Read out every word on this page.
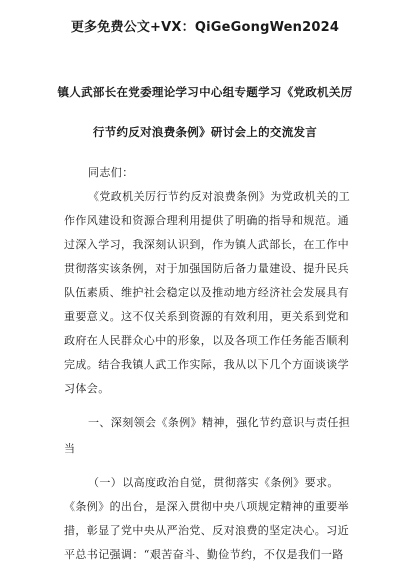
更多免费公文+VX：QiGeGongWen2024
镇人武部长在党委理论学习中心组专题学习《党政机关厉
行节约反对浪费条例》研讨会上的交流发言
同志们：
《党政机关厉行节约反对浪费条例》为党政机关的工
作作风建设和资源合理利用提供了明确的指导和规范。通
过深入学习，我深刻认识到，作为镇人武部长，在工作中
贯彻落实该条例，对于加强国防后备力量建设、提升民兵
队伍素质、维护社会稳定以及推动地方经济社会发展具有
重要意义。这不仅关系到资源的有效利用，更关系到党和
政府在人民群众心中的形象，以及各项工作任务能否顺利
完成。结合我镇人武工作实际，我从以下几个方面谈谈学
习体会。
一、深刻领会《条例》精神，强化节约意识与责任担
当
（一）以高度政治自觉，贯彻落实《条例》要求。
《条例》的出台，是深入贯彻中央八项规定精神的重要举
措，彰显了党中央从严治党、反对浪费的坚定决心。习近
平总书记强调：“艰苦奋斗、勤俭节约，不仅是我们一路
